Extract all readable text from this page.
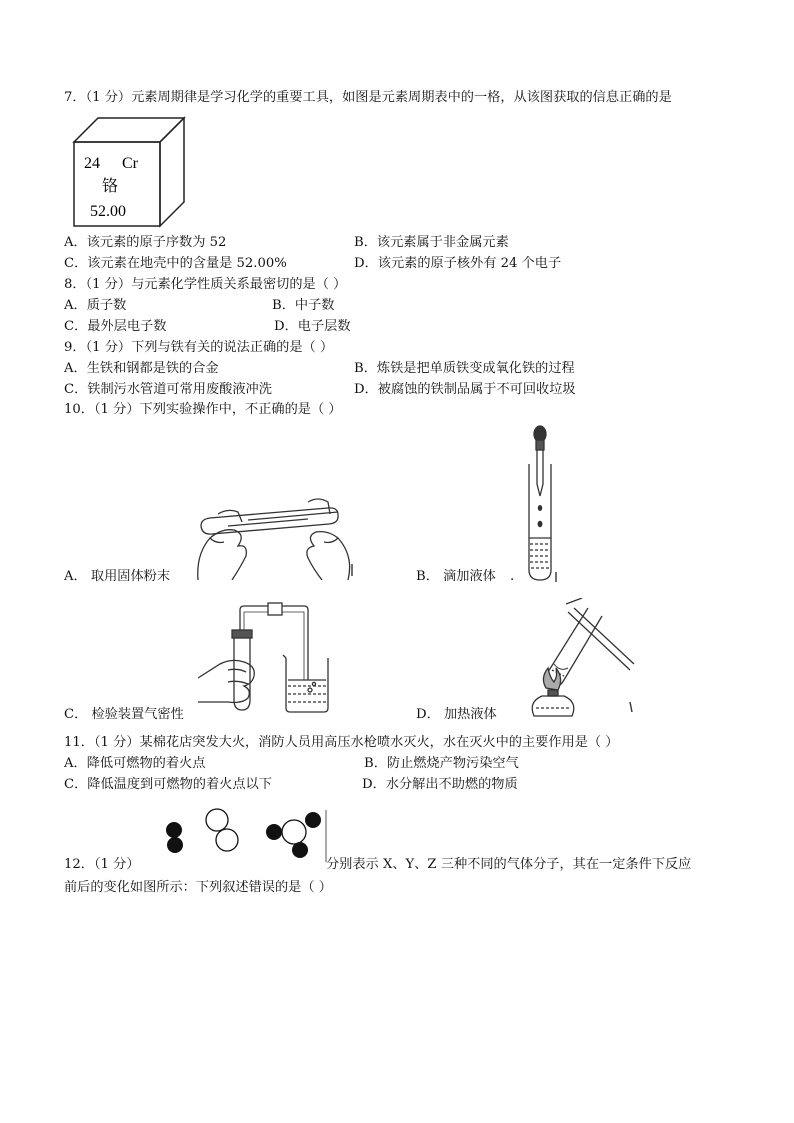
7．（1 分）元素周期律是学习化学的重要工具，如图是元素周期表中的一格，从该图获取的信息正确的是
24 Cr
铬
52.00
A．该元素的原子序数为 52	B．该元素属于非金属元素
C．该元素在地壳中的含量是 52.00%	D．该元素的原子核外有 24 个电子
8．（1 分）与元素化学性质关系最密切的是（ ）
A．质子数	B．中子数
C．最外层电子数	D．电子层数
9．（1 分）下列与铁有关的说法正确的是（ ）
A．生铁和钢都是铁的合金	B．炼铁是把单质铁变成氧化铁的过程
C．铁制污水管道可常用废酸液冲洗	D．被腐蚀的铁制品属于不可回收垃圾
10．（1 分）下列实验操作中，不正确的是（ ）
A． 取用固体粉末	B． 滴加液体 .
C． 检验装置气密性	D． 加热液体
11．（1 分）某棉花店突发大火，消防人员用高压水枪喷水灭火，水在灭火中的主要作用是（ ）
A．降低可燃物的着火点	B．防止燃烧产物污染空气
C．降低温度到可燃物的着火点以下	D．水分解出不助燃的物质
12．（1 分）	分别表示 X、Y、Z 三种不同的气体分子，其在一定条件下反应
前后的变化如图所示：下列叙述错误的是（ ）
